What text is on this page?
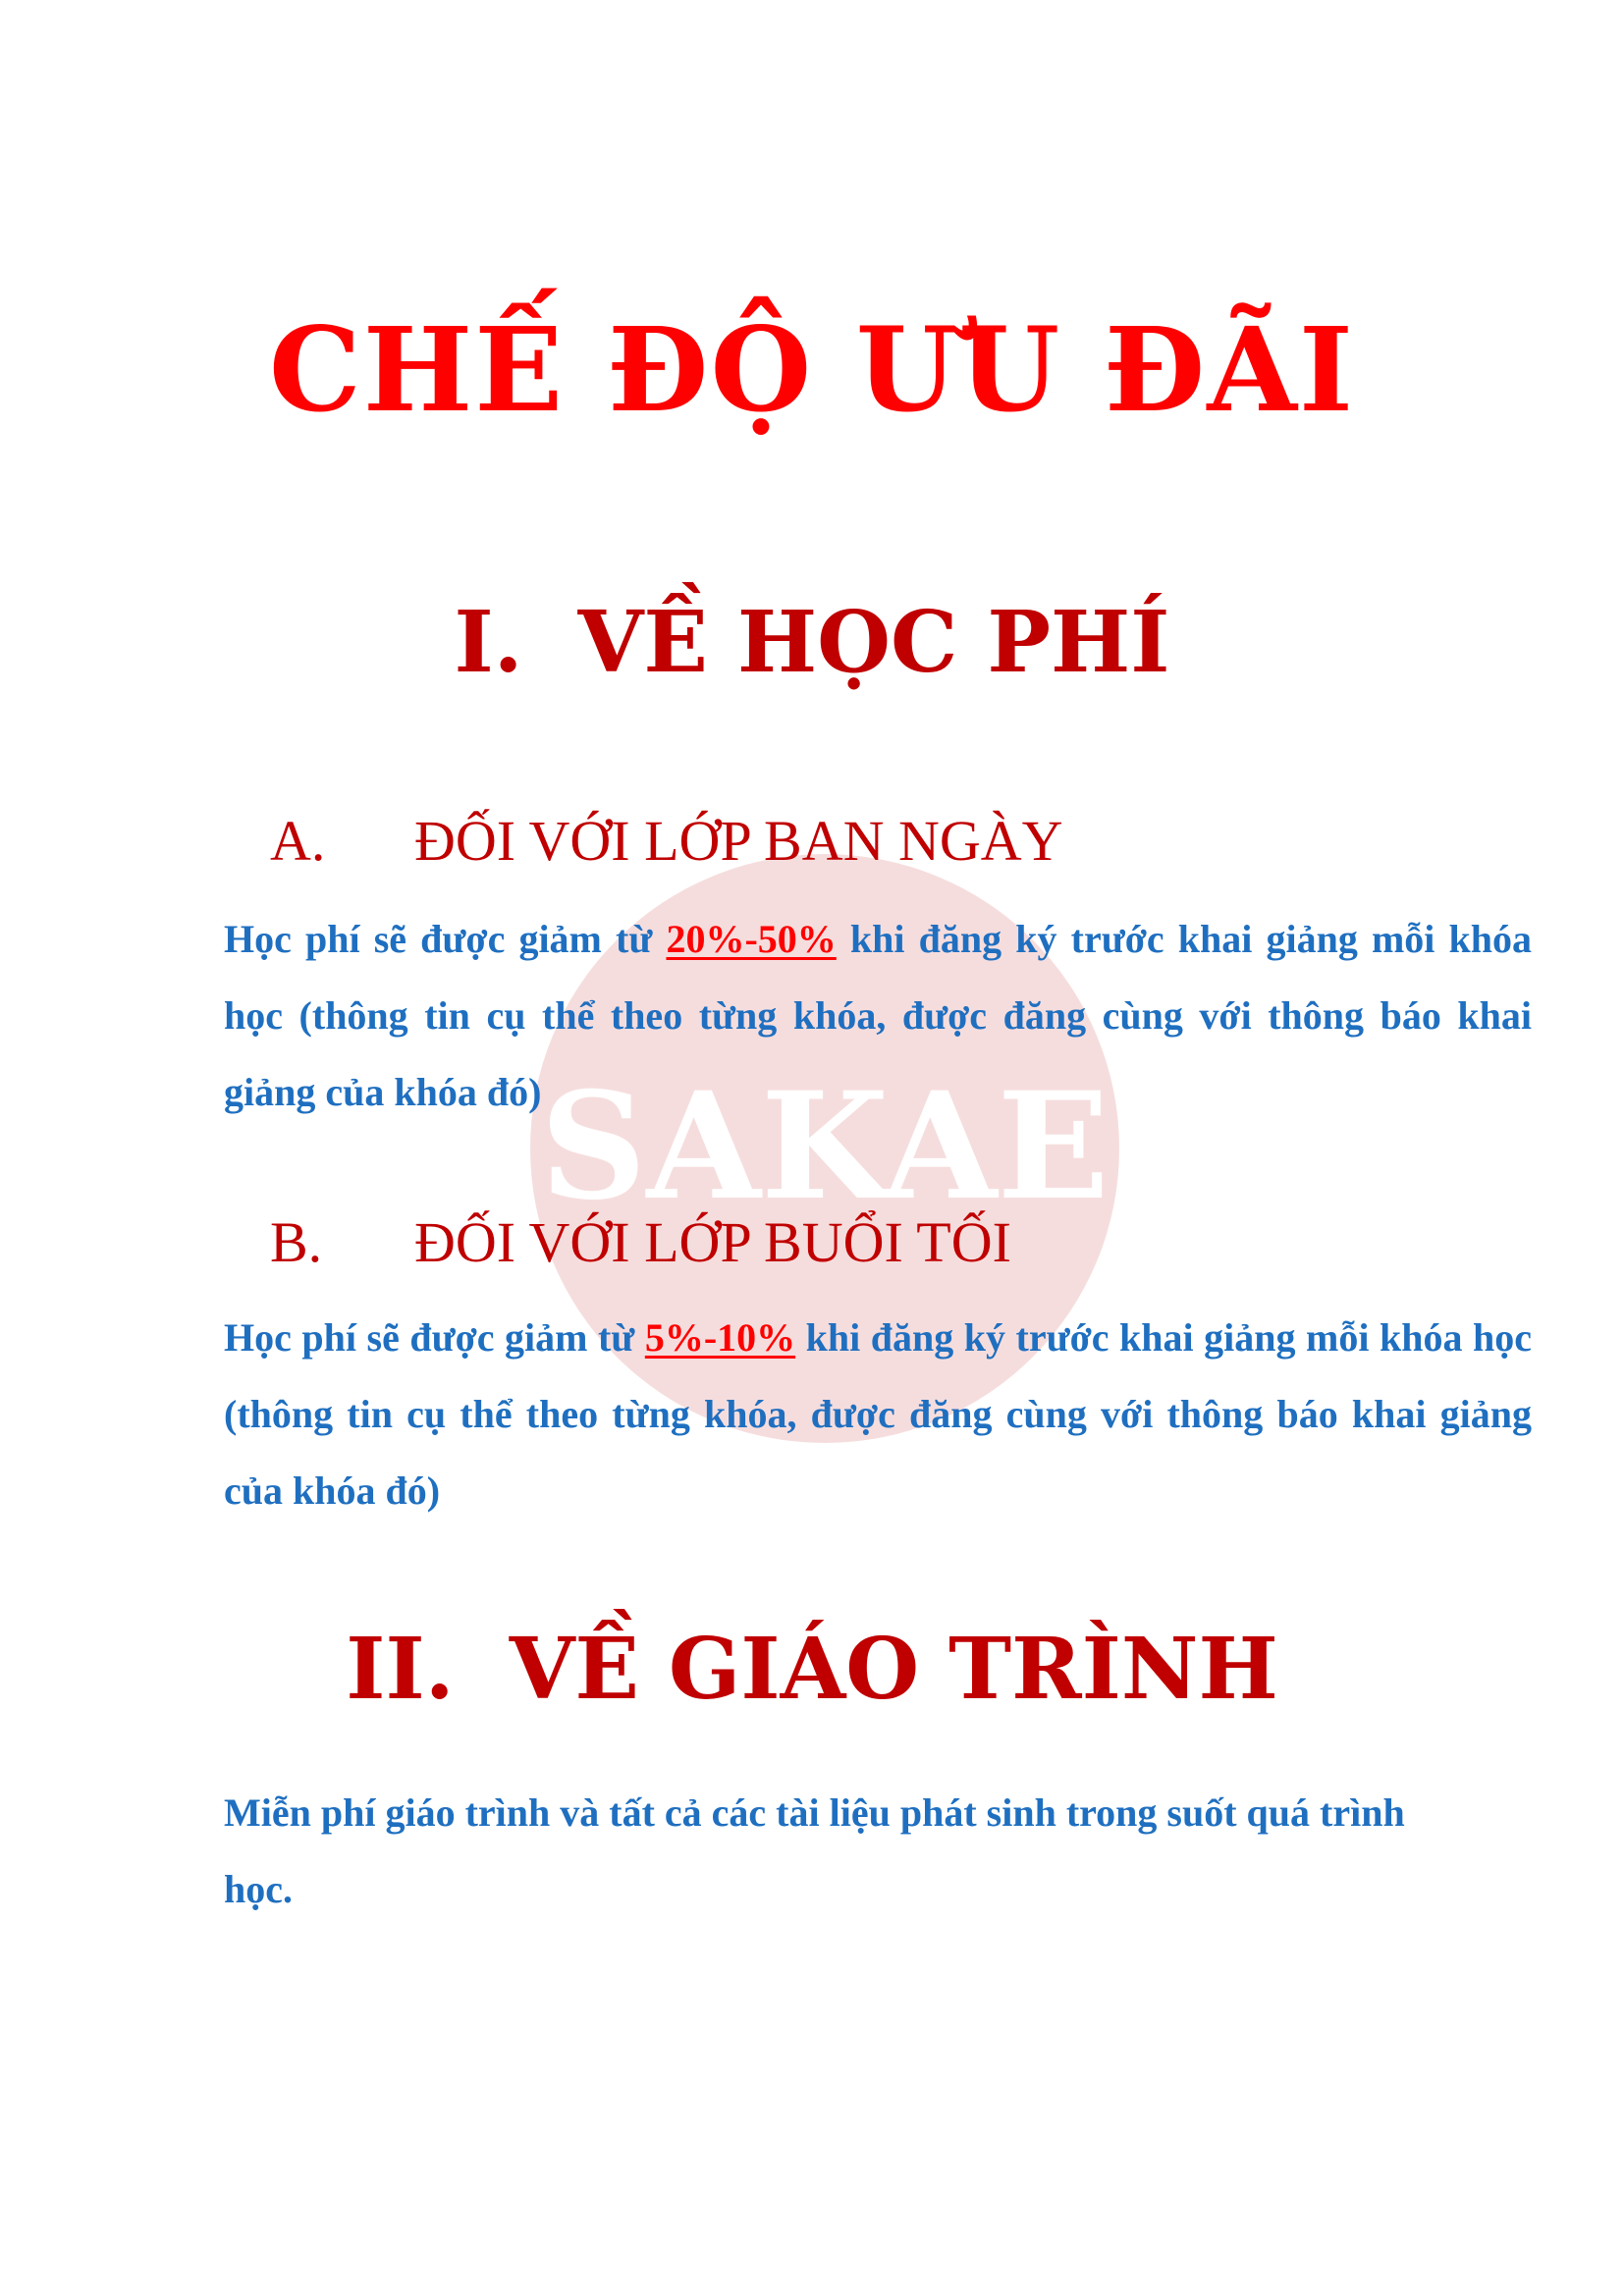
SAKAE
CHẾ ĐỘ ƯU ĐÃI
I. VỀ HỌC PHÍ
A. ĐỐI VỚI LỚP BAN NGÀY
Học phí sẽ được giảm từ 20%-50% khi đăng ký trước khai giảng mỗi khóa học (thông tin cụ thể theo từng khóa, được đăng cùng với thông báo khai giảng của khóa đó)
B. ĐỐI VỚI LỚP BUỔI TỐI
Học phí sẽ được giảm từ 5%-10% khi đăng ký trước khai giảng mỗi khóa học (thông tin cụ thể theo từng khóa, được đăng cùng với thông báo khai giảng của khóa đó)
II. VỀ GIÁO TRÌNH
Miễn phí giáo trình và tất cả các tài liệu phát sinh trong suốt quá trình học.
